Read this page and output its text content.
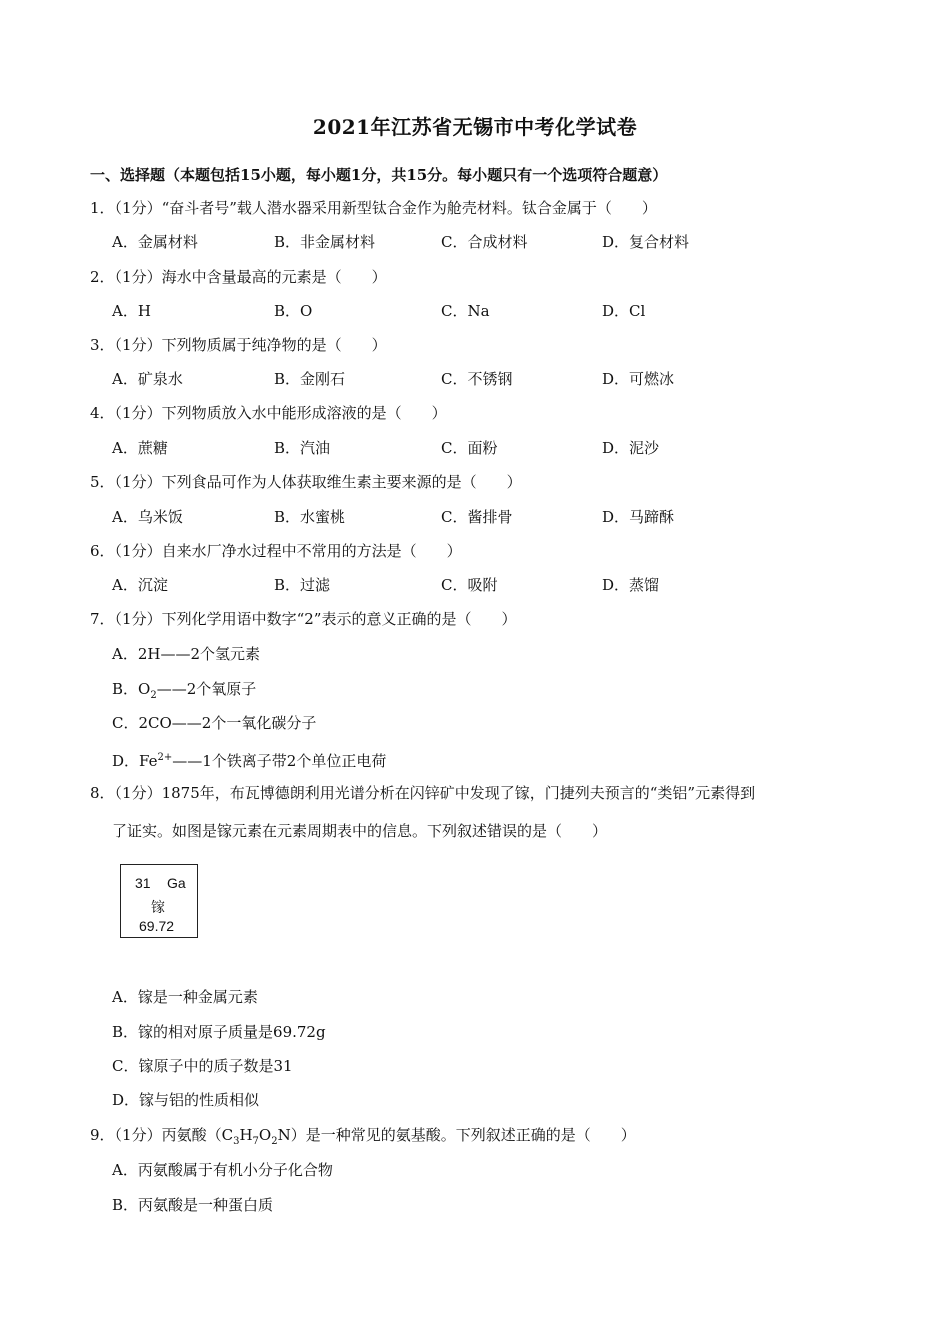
2021年江苏省无锡市中考化学试卷
一、选择题（本题包括15小题，每小题1分，共15分。每小题只有一个选项符合题意）
1．（1分）“奋斗者号”载人潜水器采用新型钛合金作为舱壳材料。钛合金属于（　　）
A．金属材料	B．非金属材料	C．合成材料	D．复合材料
2．（1分）海水中含量最高的元素是（　　）
A．H	B．O	C．Na	D．Cl
3．（1分）下列物质属于纯净物的是（　　）
A．矿泉水	B．金刚石	C．不锈钢	D．可燃冰
4．（1分）下列物质放入水中能形成溶液的是（　　）
A．蔗糖	B．汽油	C．面粉	D．泥沙
5．（1分）下列食品可作为人体获取维生素主要来源的是（　　）
A．乌米饭	B．水蜜桃	C．酱排骨	D．马蹄酥
6．（1分）自来水厂净水过程中不常用的方法是（　　）
A．沉淀	B．过滤	C．吸附	D．蒸馏
7．（1分）下列化学用语中数字“2”表示的意义正确的是（　　）
A．2H——2个氢元素
B．$O_2——2$个氧原子
C．2CO——2个一氧化碳分子
D．$Fe^{2+}——1$个铁离子带2个单位正电荷
8．（1分）1875年，布瓦博德朗利用光谱分析在闪锌矿中发现了镓，门捷列夫预言的“类铝”元素得到
了证实。如图是镓元素在元素周期表中的信息。下列叙述错误的是（　　）
31 Ga
镓
69.72
A．镓是一种金属元素
B．镓的相对原子质量是69.72g
C．镓原子中的质子数是31
D．镓与铝的性质相似
9．（1分）丙氨酸$(C_3H_7O_2N)$是一种常见的氨基酸。下列叙述正确的是（　　）
A．丙氨酸属于有机小分子化合物
B．丙氨酸是一种蛋白质
